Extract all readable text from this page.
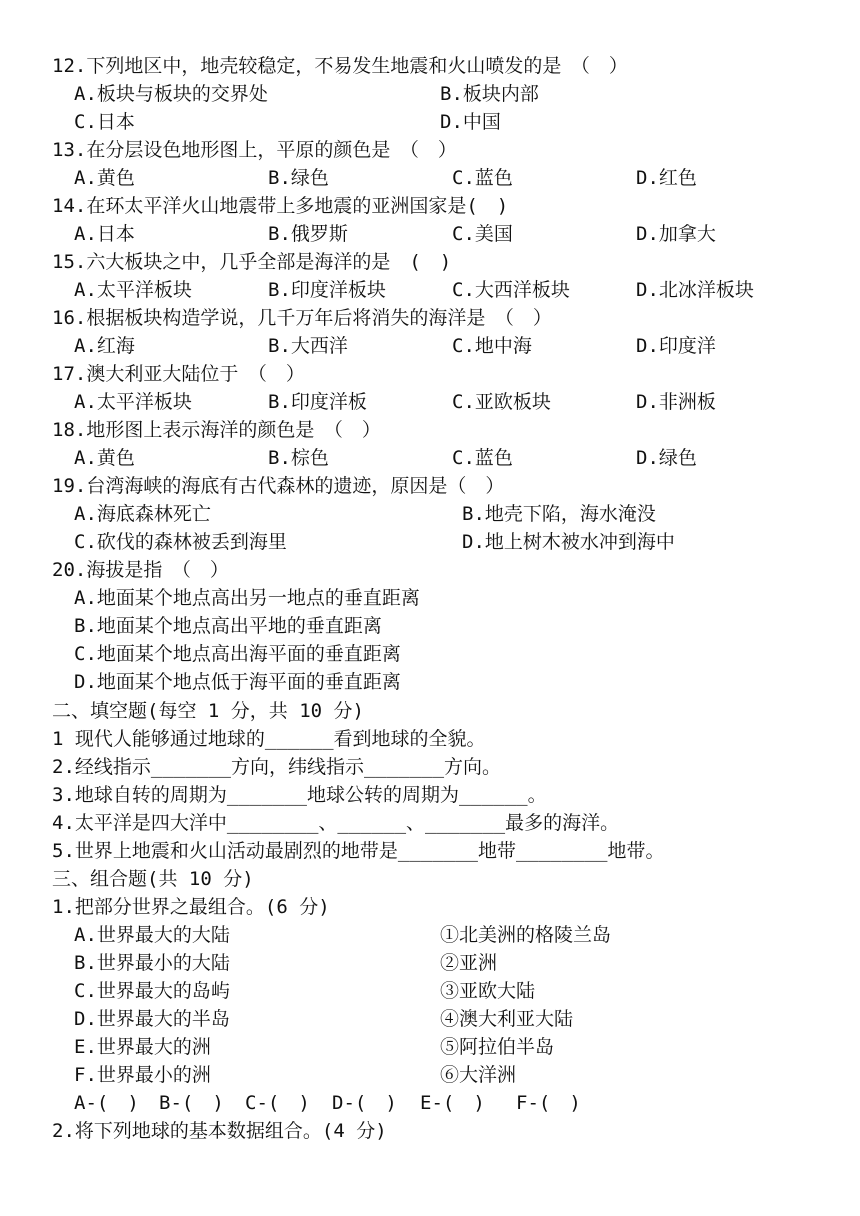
12.下列地区中，地壳较稳定，不易发生地震和火山喷发的是　（　）
A.板块与板块的交界处	B.板块内部
C.日本	D.中国
13.在分层设色地形图上，平原的颜色是　（　）
A.黄色	B.绿色	C.蓝色	D.红色
14.在环太平洋火山地震带上多地震的亚洲国家是(　)
A.日本	B.俄罗斯	C.美国	D.加拿大
15.六大板块之中，几乎全部是海洋的是　(　)
A.太平洋板块	B.印度洋板块	C.大西洋板块	D.北冰洋板块
16.根据板块构造学说，几千万年后将消失的海洋是　（　）
A.红海	B.大西洋	C.地中海	D.印度洋
17.澳大利亚大陆位于　（　）
A.太平洋板块	B.印度洋板	C.亚欧板块	D.非洲板
18.地形图上表示海洋的颜色是　（　）
A.黄色	B.棕色	C.蓝色	D.绿色
19.台湾海峡的海底有古代森林的遗迹，原因是（　）
A.海底森林死亡	B.地壳下陷，海水淹没
C.砍伐的森林被丢到海里	D.地上树木被水冲到海中
20.海拔是指　（　）
A.地面某个地点高出另一地点的垂直距离
B.地面某个地点高出平地的垂直距离
C.地面某个地点高出海平面的垂直距离
D.地面某个地点低于海平面的垂直距离
二、填空题(每空 1 分，共 10 分)
1 现代人能够通过地球的______看到地球的全貌。
2.经线指示_______方向，纬线指示_______方向。
3.地球自转的周期为_______地球公转的周期为______。
4.太平洋是四大洋中________、______、_______最多的海洋。
5.世界上地震和火山活动最剧烈的地带是_______地带________地带。
三、组合题(共 10 分)
1.把部分世界之最组合。(6 分)
A.世界最大的大陆	①北美洲的格陵兰岛
B.世界最小的大陆	②亚洲
C.世界最大的岛屿	③亚欧大陆
D.世界最大的半岛	④澳大利亚大陆
E.世界最大的洲	⑤阿拉伯半岛
F.世界最小的洲	⑥大洋洲
A-(　) B-(　) C-(　) D-(　) E-(　) F-(　)
2.将下列地球的基本数据组合。(4 分)
